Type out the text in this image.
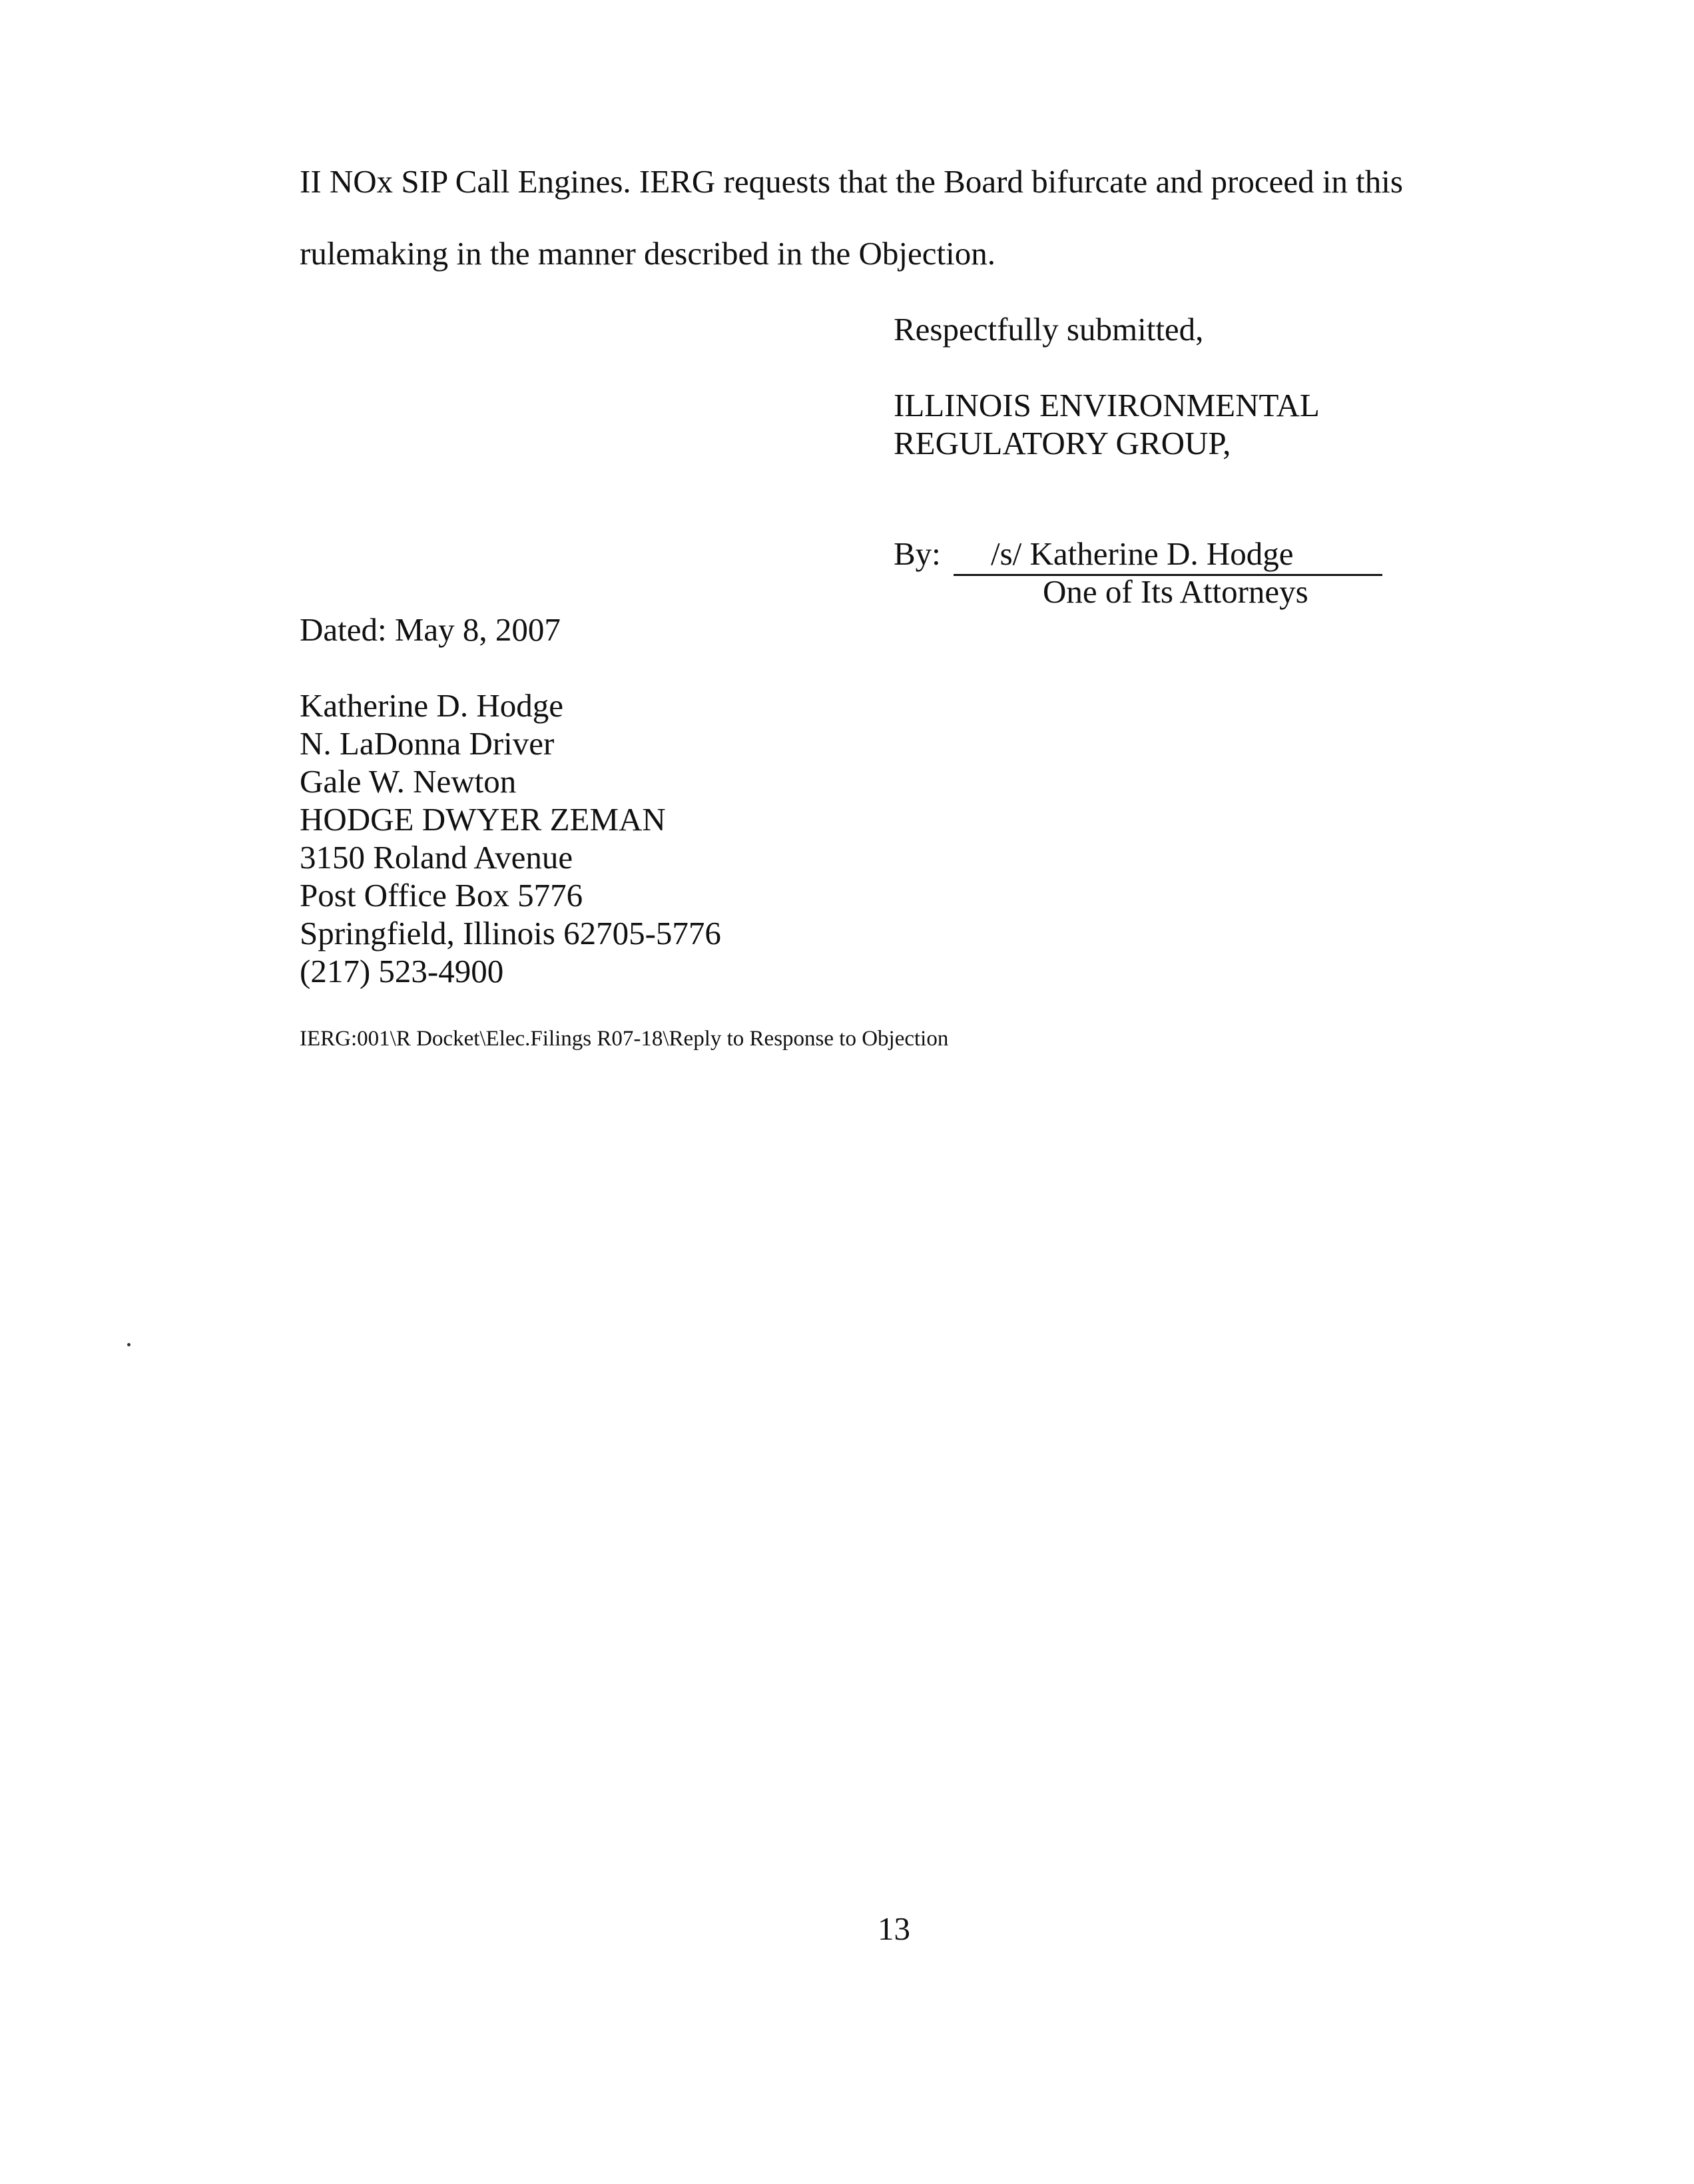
II NOx SIP Call Engines. IERG requests that the Board bifurcate and proceed in this
rulemaking in the manner described in the Objection.
Respectfully submitted,
ILLINOIS ENVIRONMENTAL
REGULATORY GROUP,
By:	/s/ Katherine D. Hodge
One of Its Attorneys
Dated: May 8, 2007
Katherine D. Hodge
N. LaDonna Driver
Gale W. Newton
HODGE DWYER ZEMAN
3150 Roland Avenue
Post Office Box 5776
Springfield, Illinois 62705-5776
(217) 523-4900
IERG:001\R Docket\Elec.Filings R07-18\Reply to Response to Objection
13
